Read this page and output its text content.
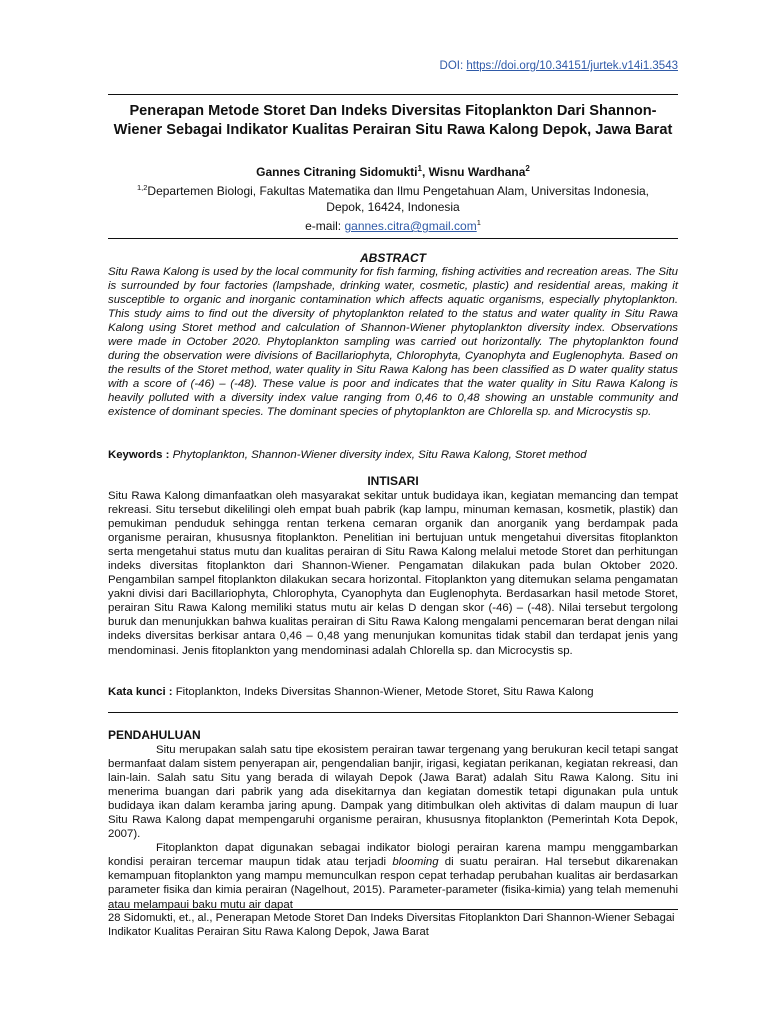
DOI: https://doi.org/10.34151/jurtek.v14i1.3543
Penerapan Metode Storet Dan Indeks Diversitas Fitoplankton Dari Shannon-Wiener Sebagai Indikator Kualitas Perairan Situ Rawa Kalong Depok, Jawa Barat
Gannes Citraning Sidomukti$^1$, Wisnu Wardhana$^2$
$^{1,2}$Departemen Biologi, Fakultas Matematika dan Ilmu Pengetahuan Alam, Universitas Indonesia,
Depok, 16424, Indonesia
e-mail: gannes.citra@gmail.com$^1$
ABSTRACT
Situ Rawa Kalong is used by the local community for fish farming, fishing activities and recreation areas. The Situ is surrounded by four factories (lampshade, drinking water, cosmetic, plastic) and residential areas, making it susceptible to organic and inorganic contamination which affects aquatic organisms, especially phytoplankton. This study aims to find out the diversity of phytoplankton related to the status and water quality in Situ Rawa Kalong using Storet method and calculation of Shannon-Wiener phytoplankton diversity index. Observations were made in October 2020. Phytoplankton sampling was carried out horizontally. The phytoplankton found during the observation were divisions of Bacillariophyta, Chlorophyta, Cyanophyta and Euglenophyta. Based on the results of the Storet method, water quality in Situ Rawa Kalong has been classified as D water quality status with a score of (-46) – (-48). These value is poor and indicates that the water quality in Situ Rawa Kalong is heavily polluted with a diversity index value ranging from 0,46 to 0,48 showing an unstable community and existence of dominant species. The dominant species of phytoplankton are Chlorella sp. and Microcystis sp.
Keywords : Phytoplankton, Shannon-Wiener diversity index, Situ Rawa Kalong, Storet method
INTISARI
Situ Rawa Kalong dimanfaatkan oleh masyarakat sekitar untuk budidaya ikan, kegiatan memancing dan tempat rekreasi. Situ tersebut dikelilingi oleh empat buah pabrik (kap lampu, minuman kemasan, kosmetik, plastik) dan pemukiman penduduk sehingga rentan terkena cemaran organik dan anorganik yang berdampak pada organisme perairan, khususnya fitoplankton. Penelitian ini bertujuan untuk mengetahui diversitas fitoplankton serta mengetahui status mutu dan kualitas perairan di Situ Rawa Kalong melalui metode Storet dan perhitungan indeks diversitas fitoplankton dari Shannon-Wiener. Pengamatan dilakukan pada bulan Oktober 2020. Pengambilan sampel fitoplankton dilakukan secara horizontal. Fitoplankton yang ditemukan selama pengamatan yakni divisi dari Bacillariophyta, Chlorophyta, Cyanophyta dan Euglenophyta. Berdasarkan hasil metode Storet, perairan Situ Rawa Kalong memiliki status mutu air kelas D dengan skor (-46) – (-48). Nilai tersebut tergolong buruk dan menunjukkan bahwa kualitas perairan di Situ Rawa Kalong mengalami pencemaran berat dengan nilai indeks diversitas berkisar antara 0,46 – 0,48 yang menunjukan komunitas tidak stabil dan terdapat jenis yang mendominasi. Jenis fitoplankton yang mendominasi adalah Chlorella sp. dan Microcystis sp.
Kata kunci : Fitoplankton, Indeks Diversitas Shannon-Wiener, Metode Storet, Situ Rawa Kalong
PENDAHULUAN

Situ merupakan salah satu tipe ekosistem perairan tawar tergenang yang berukuran kecil tetapi sangat bermanfaat dalam sistem penyerapan air, pengendalian banjir, irigasi, kegiatan perikanan, kegiatan rekreasi, dan lain-lain. Salah satu Situ yang berada di wilayah Depok (Jawa Barat) adalah Situ Rawa Kalong. Situ ini menerima buangan dari pabrik yang ada disekitarnya dan kegiatan domestik tetapi digunakan pula untuk budidaya ikan dalam keramba jaring apung. Dampak yang ditimbulkan oleh aktivitas di dalam maupun di luar Situ Rawa Kalong dapat mempengaruhi organisme perairan, khususnya fitoplankton (Pemerintah Kota Depok, 2007).

Fitoplankton dapat digunakan sebagai indikator biologi perairan karena mampu menggambarkan kondisi perairan tercemar maupun tidak atau terjadi blooming di suatu perairan. Hal tersebut dikarenakan kemampuan fitoplankton yang mampu memunculkan respon cepat terhadap perubahan kualitas air berdasarkan parameter fisika dan kimia perairan (Nagelhout, 2015). Parameter-parameter (fisika-kimia) yang telah memenuhi atau melampaui baku mutu air dapat

28 Sidomukti, et., al., Penerapan Metode Storet Dan Indeks Diversitas Fitoplankton Dari Shannon-Wiener Sebagai Indikator Kualitas Perairan Situ Rawa Kalong Depok, Jawa Barat
